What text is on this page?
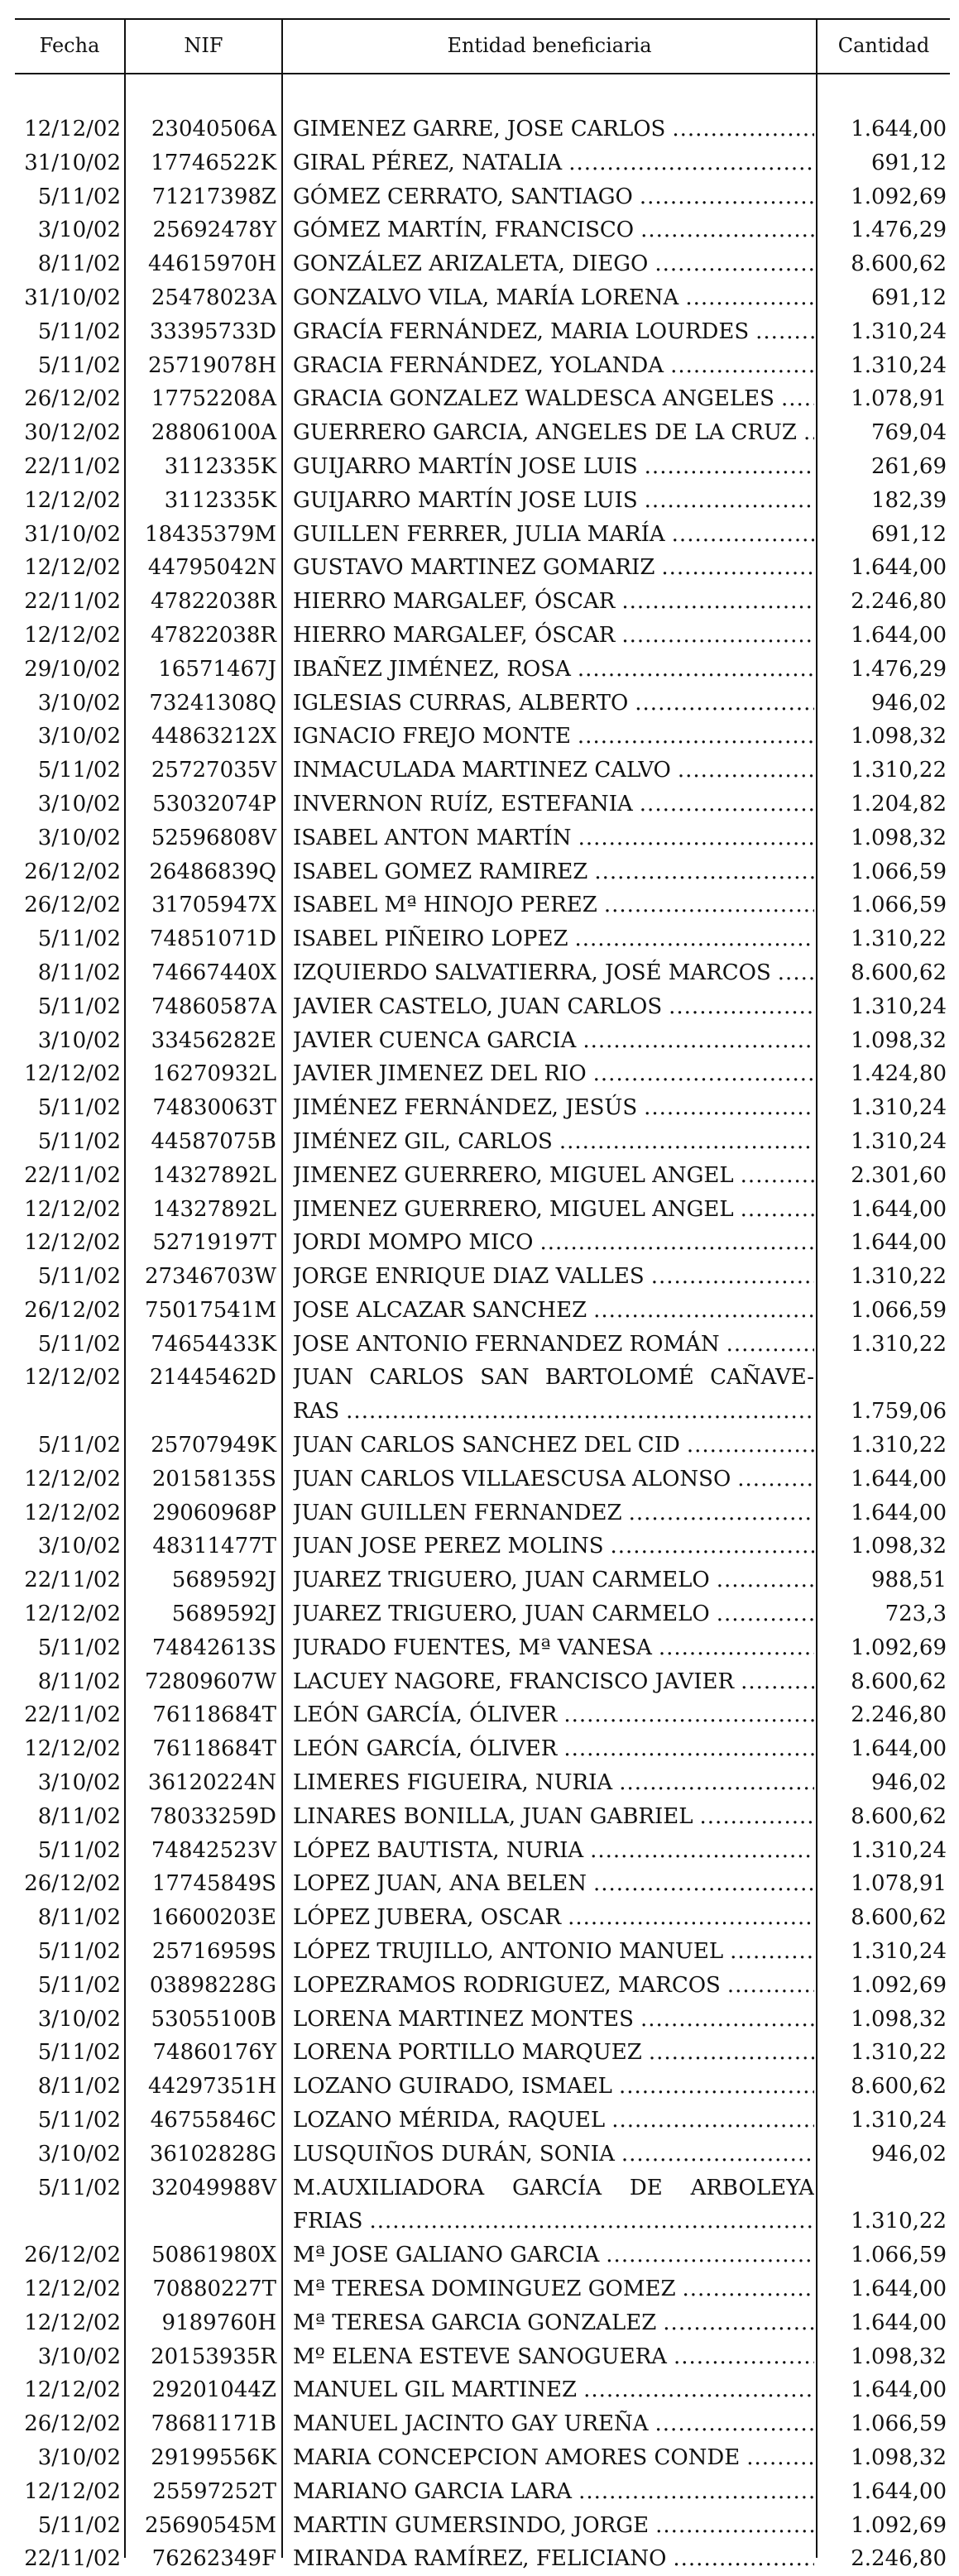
Fecha	NIF	Entidad beneficiaria	Cantidad
12/12/02	23040506A GIMENEZ GARRE, JOSE CARLOS .....	1.644,00
31/10/02	17746522K GIRAL PÉREZ, NATALIA .....	691,12
5/11/02	71217398Z GÓMEZ CERRATO, SANTIAGO .....	1.092,69
3/10/02	25692478Y GÓMEZ MARTÍN, FRANCISCO .....	1.476,29
8/11/02	44615970H GONZÁLEZ ARIZALETA, DIEGO .....	8.600,62
31/10/02	25478023A GONZALVO VILA, MARÍA LORENA .....	691,12
5/11/02	33395733D GRACÍA FERNÁNDEZ, MARIA LOURDES .....	1.310,24
5/11/02	25719078H GRACIA FERNÁNDEZ, YOLANDA .....	1.310,24
26/12/02	17752208A GRACIA GONZALEZ WALDESCA ANGELES .....	1.078,91
30/12/02	28806100A GUERRERO GARCIA, ANGELES DE LA CRUZ .....	769,04
22/11/02	3112335K GUIJARRO MARTÍN JOSE LUIS .....	261,69
12/12/02	3112335K GUIJARRO MARTÍN JOSE LUIS .....	182,39
31/10/02 18435379M GUILLEN FERRER, JULIA MARÍA .....	691,12
12/12/02	44795042N GUSTAVO MARTINEZ GOMARIZ .....	1.644,00
22/11/02	47822038R HIERRO MARGALEF, ÓSCAR .....	2.246,80
12/12/02	47822038R HIERRO MARGALEF, ÓSCAR .....	1.644,00
29/10/02	16571467J IBAÑEZ JIMÉNEZ, ROSA .....	1.476,29
3/10/02	73241308Q IGLESIAS CURRAS, ALBERTO .....	946,02
3/10/02	44863212X IGNACIO FREJO MONTE .....	1.098,32
5/11/02	25727035V INMACULADA MARTINEZ CALVO .....	1.310,22
3/10/02	53032074P INVERNON RUÍZ, ESTEFANIA .....	1.204,82
3/10/02	52596808V ISABEL ANTON MARTÍN .....	1.098,32
26/12/02	26486839Q ISABEL GOMEZ RAMIREZ .....	1.066,59
26/12/02	31705947X ISABEL Mª HINOJO PEREZ .....	1.066,59
5/11/02	74851071D ISABEL PIÑEIRO LOPEZ .....	1.310,22
8/11/02	74667440X IZQUIERDO SALVATIERRA, JOSÉ MARCOS .....	8.600,62
5/11/02	74860587A JAVIER CASTELO, JUAN CARLOS .....	1.310,24
3/10/02	33456282E JAVIER CUENCA GARCIA .....	1.098,32
12/12/02	16270932L JAVIER JIMENEZ DEL RIO .....	1.424,80
5/11/02	74830063T JIMÉNEZ FERNÁNDEZ, JESÚS .....	1.310,24
5/11/02	44587075B JIMÉNEZ GIL, CARLOS .....	1.310,24
22/11/02	14327892L JIMENEZ GUERRERO, MIGUEL ANGEL .....	2.301,60
12/12/02	14327892L JIMENEZ GUERRERO, MIGUEL ANGEL .....	1.644,00
12/12/02	52719197T JORDI MOMPO MICO .....	1.644,00
5/11/02 27346703W JORGE ENRIQUE DIAZ VALLES .....	1.310,22
26/12/02 75017541M JOSE ALCAZAR SANCHEZ .....	1.066,59
5/11/02	74654433K JOSE ANTONIO FERNANDEZ ROMÁN .....	1.310,22
12/12/02	21445462D JUAN CARLOS SAN BARTOLOMÉ CAÑAVE-
RAS .....	1.759,06
5/11/02	25707949K JUAN CARLOS SANCHEZ DEL CID .....	1.310,22
12/12/02	20158135S JUAN CARLOS VILLAESCUSA ALONSO .....	1.644,00
12/12/02	29060968P JUAN GUILLEN FERNANDEZ .....	1.644,00
3/10/02	48311477T JUAN JOSE PEREZ MOLINS .....	1.098,32
22/11/02	5689592J JUAREZ TRIGUERO, JUAN CARMELO .....	988,51
12/12/02	5689592J JUAREZ TRIGUERO, JUAN CARMELO .....	723,3
5/11/02	74842613S JURADO FUENTES, Mª VANESA .....	1.092,69
8/11/02 72809607W LACUEY NAGORE, FRANCISCO JAVIER .....	8.600,62
22/11/02	76118684T LEÓN GARCÍA, ÓLIVER .....	2.246,80
12/12/02	76118684T LEÓN GARCÍA, ÓLIVER .....	1.644,00
3/10/02	36120224N LIMERES FIGUEIRA, NURIA .....	946,02
8/11/02	78033259D LINARES BONILLA, JUAN GABRIEL .....	8.600,62
5/11/02	74842523V LÓPEZ BAUTISTA, NURIA .....	1.310,24
26/12/02	17745849S LOPEZ JUAN, ANA BELEN .....	1.078,91
8/11/02	16600203E LÓPEZ JUBERA, OSCAR .....	8.600,62
5/11/02	25716959S LÓPEZ TRUJILLO, ANTONIO MANUEL .....	1.310,24
5/11/02	03898228G LOPEZRAMOS RODRIGUEZ, MARCOS .....	1.092,69
3/10/02	53055100B LORENA MARTINEZ MONTES .....	1.098,32
5/11/02	74860176Y LORENA PORTILLO MARQUEZ .....	1.310,22
8/11/02	44297351H LOZANO GUIRADO, ISMAEL .....	8.600,62
5/11/02	46755846C LOZANO MÉRIDA, RAQUEL .....	1.310,24
3/10/02	36102828G LUSQUIÑOS DURÁN, SONIA .....	946,02
5/11/02	32049988V M.AUXILIADORA GARCÍA DE ARBOLEYA
FRIAS .....	1.310,22
26/12/02	50861980X Mª JOSE GALIANO GARCIA .....	1.066,59
12/12/02	70880227T Mª TERESA DOMINGUEZ GOMEZ .....	1.644,00
12/12/02	9189760H Mª TERESA GARCIA GONZALEZ .....	1.644,00
3/10/02	20153935R Mº ELENA ESTEVE SANOGUERA .....	1.098,32
12/12/02	29201044Z MANUEL GIL MARTINEZ .....	1.644,00
26/12/02	78681171B MANUEL JACINTO GAY UREÑA .....	1.066,59
3/10/02	29199556K MARIA CONCEPCION AMORES CONDE .....	1.098,32
12/12/02	25597252T MARIANO GARCIA LARA .....	1.644,00
5/11/02 25690545M MARTIN GUMERSINDO, JORGE .....	1.092,69
22/11/02	76262349F MIRANDA RAMÍREZ, FELICIANO .....	2.246,80
